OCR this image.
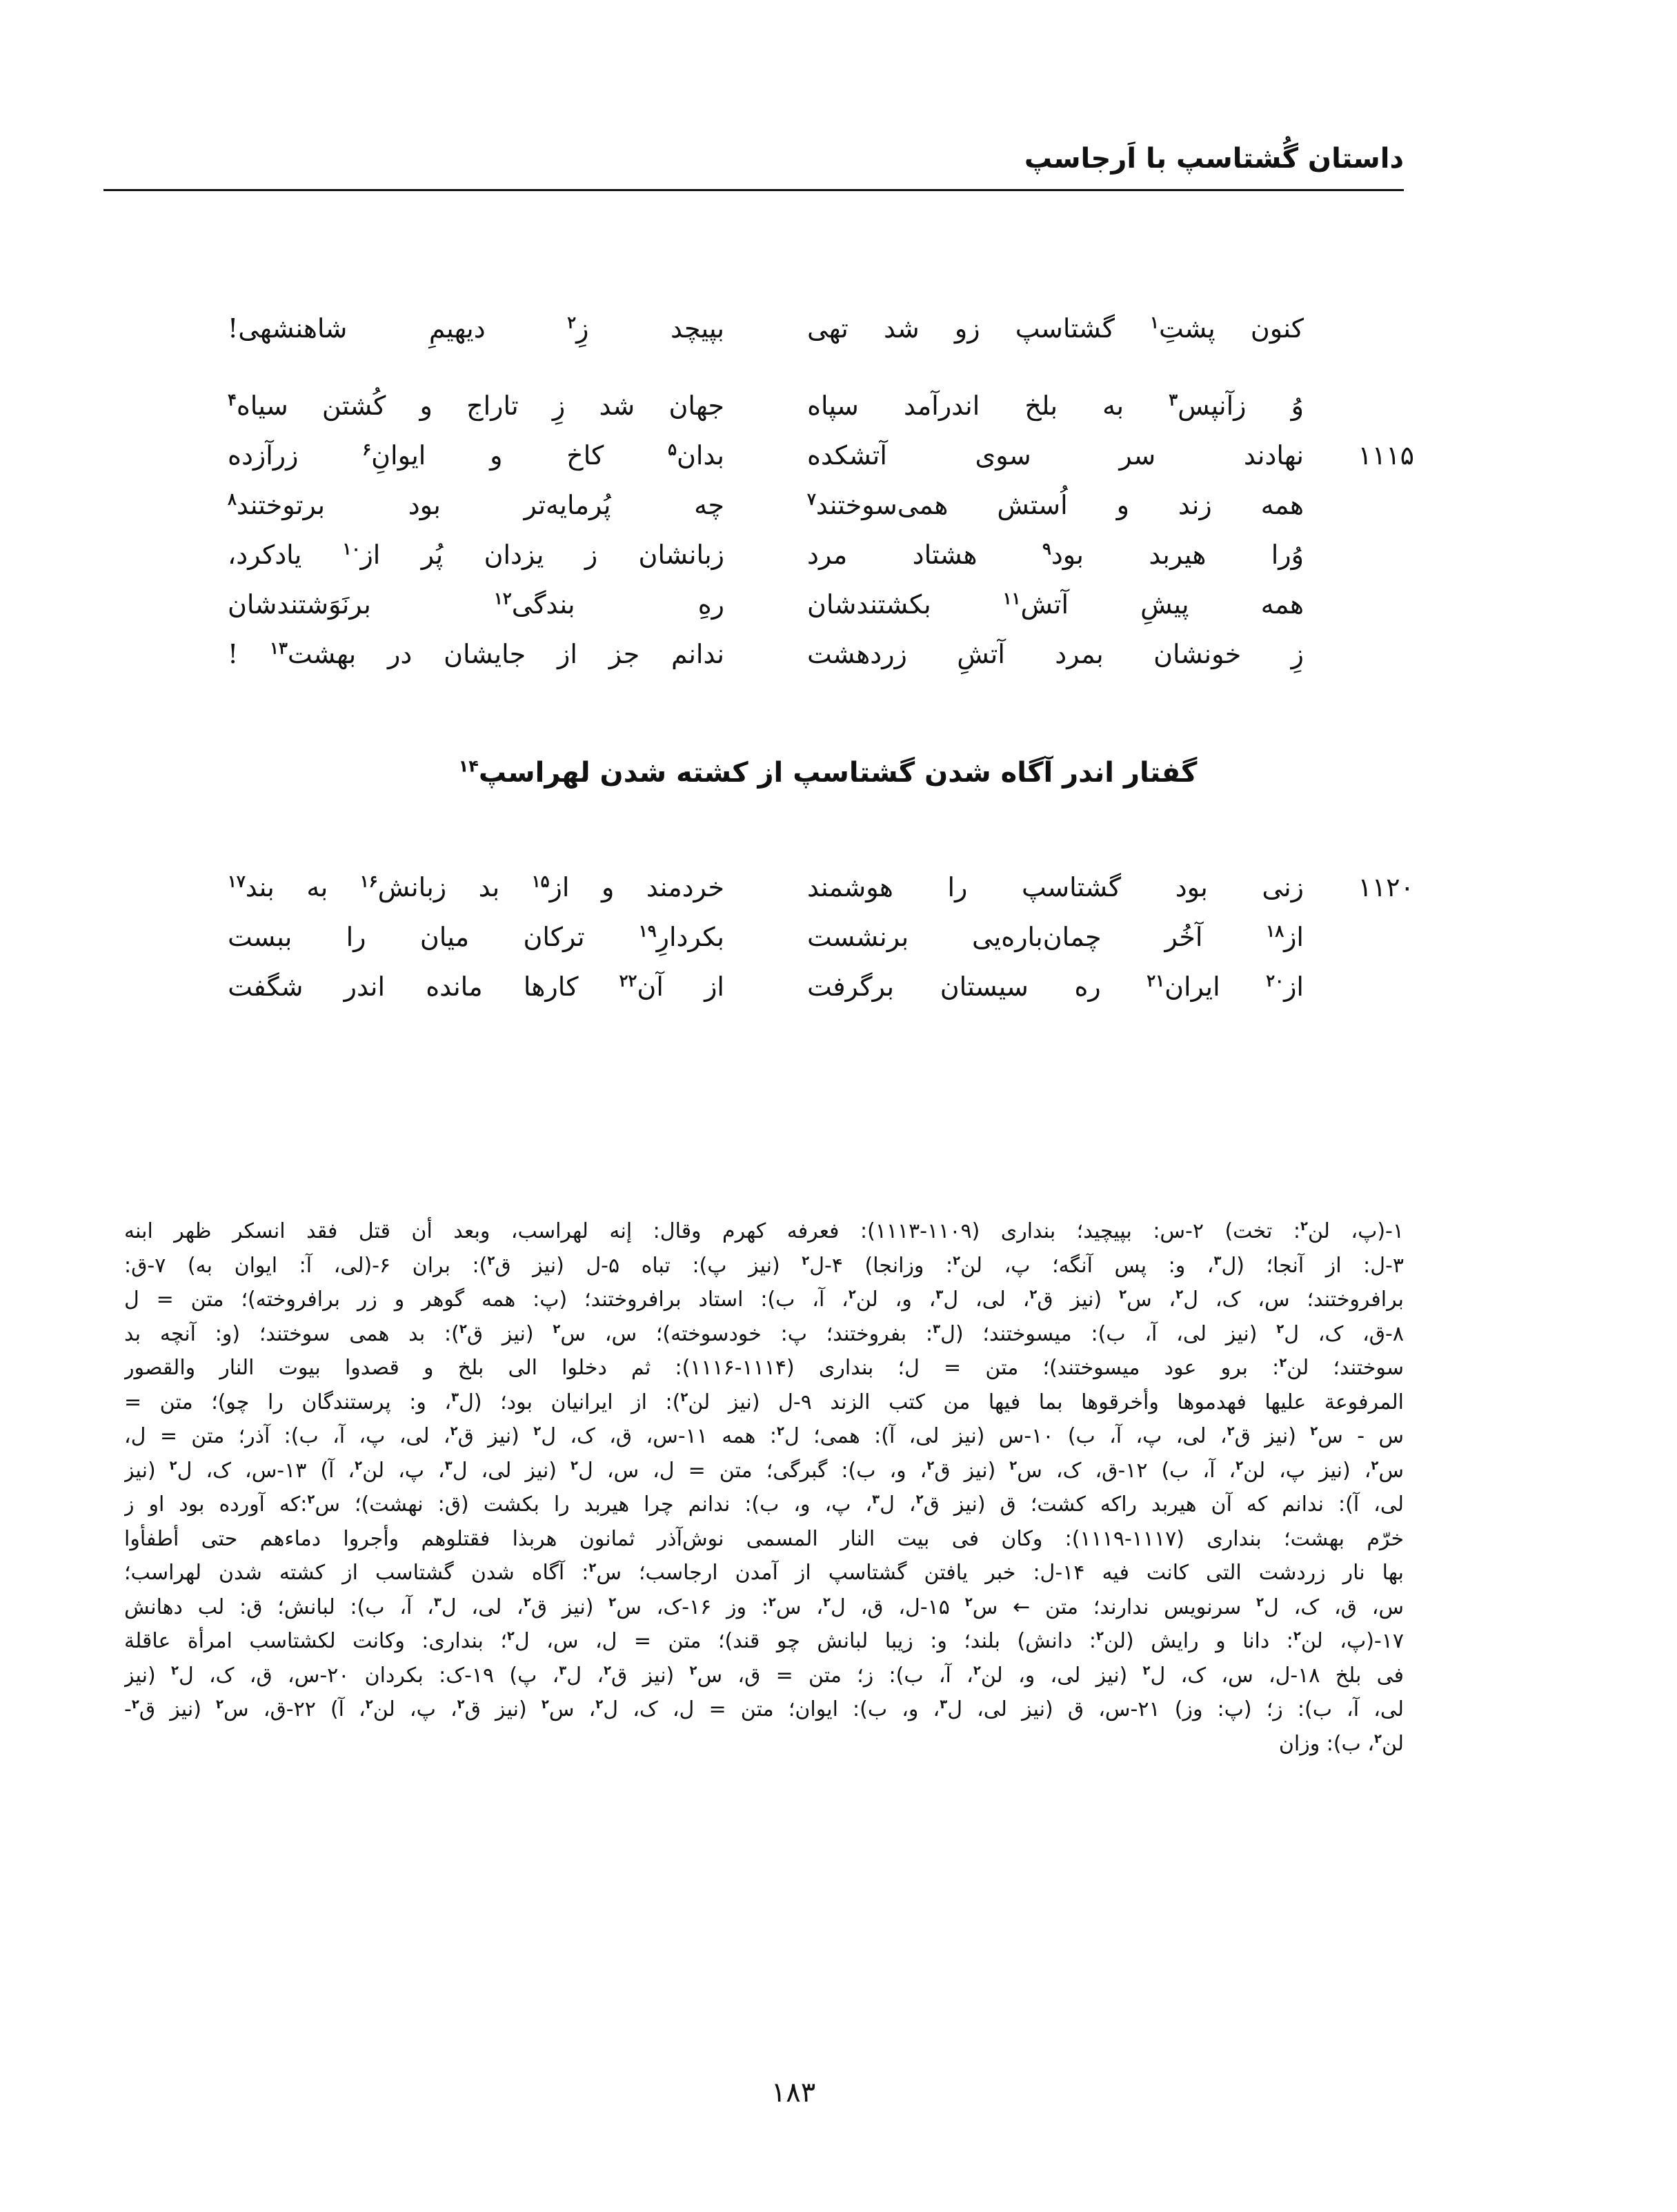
داستان گُشتاسپ با اَرجاسپ
کنون
پشتِ$^۱$
گشتاسپ
زو
شد
تهی
بپیچد
زِ$^۲$
دیهیمِ
شاهنشهی!
وُ
زآنپس$^۳$
به
بلخ
اندرآمد
سپاه
جهان
شد
زِ
تاراج
و
کُشتن
سیاه$^۴$
۱۱۱۵
نهادند
سر
سوی
آتشکده
بدان$^۵$
کاخ
و
ایوانِ$^۶$
زرآزده
همه
زند
و
اُستش
همی‌سوختند$^۷$
چه
پُرمایه‌تر
بود
برتوختند$^۸$
وُرا
هیربد
بود$^۹$
هشتاد
مرد
زبانشان
ز
یزدان
پُر
از$^{۱۰}$
یادکرد،
همه
پیشِ
آتش$^{۱۱}$
بکشتندشان
رهِ
بندگی$^{۱۲}$
برنَوَشتندشان
زِ
خونشان
بمرد
آتشِ
زردهشت
ندانم
جز
از
جایشان
در
بهشت$^{۱۳}$
!
گفتار اندر آگاه شدن گشتاسپ از کشته شدن لهراسپ$^{۱۴}$
۱۱۲۰
زنی
بود
گشتاسپ
را
هوشمند
خردمند
و
از$^{۱۵}$
بد
زبانش$^{۱۶}$
به
بند$^{۱۷}$
از$^{۱۸}$
آخُر
چمان‌باره‌یی
برنشست
بکردارِ$^{۱۹}$
ترکان
میان
را
ببست
از$^{۲۰}$
ایران$^{۲۱}$
ره
سیستان
برگرفت
از
آن$^{۲۲}$
کارها
مانده
اندر
شگفت
۱-(پ، لن$^۲$: تخت) ۲-س: بپیچید؛ بنداری (۱۱۰۹-۱۱۱۳): فعرفه کهرم وقال: إنه لهراسب، وبعد أن قتل فقد انسکر ظهر ابنه
۳-ل: از آنجا؛ (ل$^۳$، و: پس آنگه؛ پ، لن$^۲$: وزانجا) ۴-ل$^۲$ (نیز پ): تباه ۵-ل (نیز ق$^۲$): بران ۶-(لی، آ: ایوان به) ۷-ق:
برافروختند؛ س، ک، ل$^۲$، س$^۲$ (نیز ق$^۲$، لی، ل$^۳$، و، لن$^۲$، آ، ب): استاد برافروختند؛ (پ: همه گوهر و زر برافروخته)؛ متن = ل
۸-ق، ک، ل$^۲$ (نیز لی، آ، ب): میسوختند؛ (ل$^۳$: بفروختند؛ پ: خودسوخته)؛ س، س$^۲$ (نیز ق$^۲$): بد همی سوختند؛ (و: آنچه بد
سوختند؛ لن$^۲$: برو عود میسوختند)؛ متن = ل؛ بنداری (۱۱۱۴-۱۱۱۶): ثم دخلوا الی بلخ و قصدوا بیوت النار والقصور
المرفوعة علیها فهدموها وأخرقوها بما فیها من کتب الزند ۹-ل (نیز لن$^۲$): از ایرانیان بود؛ (ل$^۳$، و: پرستندگان را چو)؛ متن =
س - س$^۲$ (نیز ق$^۲$، لی، پ، آ، ب) ۱۰-س (نیز لی، آ): همی؛ ل$^۲$: همه ۱۱-س، ق، ک، ل$^۲$ (نیز ق$^۲$، لی، پ، آ، ب): آذر؛ متن = ل،
س$^۲$، (نیز پ، لن$^۲$، آ، ب) ۱۲-ق، ک، س$^۲$ (نیز ق$^۲$، و، ب): گبرگی؛ متن = ل، س، ل$^۲$ (نیز لی، ل$^۳$، پ، لن$^۲$، آ) ۱۳-س، ک، ل$^۲$ (نیز
لی، آ): ندانم که آن هیربد راکه کشت؛ ق (نیز ق$^۲$، ل$^۳$، پ، و، ب): ندانم چرا هیربد را بکشت (ق: نهشت)؛ س$^۲$:که آورده بود او ز
خرّم بهشت؛ بنداری (۱۱۱۷-۱۱۱۹): وکان فی بیت النار المسمی نوش‌آذر ثمانون هربذا فقتلوهم وأجروا دماءهم حتی أطفأوا
بها نار زردشت التی کانت فیه ۱۴-ل: خبر یافتن گشتاسپ از آمدن ارجاسب؛ س$^۲$: آگاه شدن گشتاسب از کشته شدن لهراسب؛
س، ق، ک، ل$^۲$ سرنویس ندارند؛ متن ← س$^۲$ ۱۵-ل، ق، ل$^۲$، س$^۲$: وز ۱۶-ک، س$^۲$ (نیز ق$^۲$، لی، ل$^۳$، آ، ب): لبانش؛ ق: لب دهانش
۱۷-(پ، لن$^۲$: دانا و رایش (لن$^۲$: دانش) بلند؛ و: زیبا لبانش چو قند)؛ متن = ل، س، ل$^۲$؛ بنداری: وکانت لکشتاسب امرأة عاقلة
فی بلخ ۱۸-ل، س، ک، ل$^۲$ (نیز لی، و، لن$^۲$، آ، ب): ز؛ متن = ق، س$^۲$ (نیز ق$^۲$، ل$^۳$، پ) ۱۹-ک: بکردان ۲۰-س، ق، ک، ل$^۲$ (نیز
لی، آ، ب): ز؛ (پ: وز) ۲۱-س، ق (نیز لی، ل$^۳$، و، ب): ایوان؛ متن = ل، ک، ل$^۲$، س$^۲$ (نیز ق$^۲$، پ، لن$^۲$، آ) ۲۲-ق، س$^۲$ (نیز ق$^۲$-
لن$^۲$، ب): وزان
۱۸۳
